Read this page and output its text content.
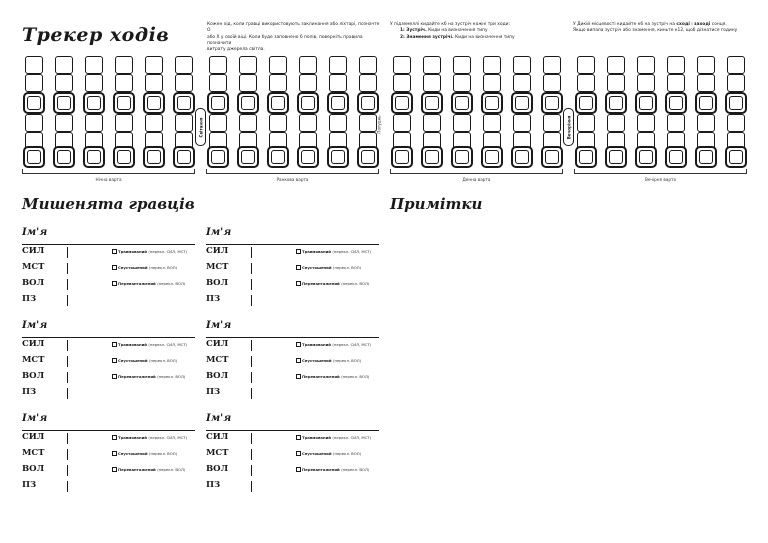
Трекер ходів	Кожен хід, коли гравці використовують заклинання або ліхтарі, позначте О
або Х у своїй віці. Коли буде заповнено 6 полів, поверніть правила позначити
витрату джерела світла.
У підземеллі кидайте к6 на зустріч кожні три ходи:
1: Зустріч. Киди на визначення типу
2: Знамення зустрічі. Киди на визначення типу
У Дикій місцевості кидайте к6 на зустріч на сході і заході сонця.
Якщо випала зустріч або знамення, киньте к12, щоб дізнатися годину
Нічна варта	Ранкова варта	Денна варта	Вечірня варта
Світання	Вечоріння
Полуднь
Мишенята гравців	Примітки
Ім'я
СИЛ	Травмований (перекл. СИЛ, МСТ)
МСТ	Спустошений (перекл. ВОЛ)
ВОЛ	Перевантажений (перекл. ВОЛ)
ПЗ
Ім'я
СИЛ	Травмований (перекл. СИЛ, МСТ)
МСТ	Спустошений (перекл. ВОЛ)
ВОЛ	Перевантажений (перекл. ВОЛ)
ПЗ
Ім'я
СИЛ	Травмований (перекл. СИЛ, МСТ)
МСТ	Спустошений (перекл. ВОЛ)
ВОЛ	Перевантажений (перекл. ВОЛ)
ПЗ
Ім'я
СИЛ	Травмований (перекл. СИЛ, МСТ)
МСТ	Спустошений (перекл. ВОЛ)
ВОЛ	Перевантажений (перекл. ВОЛ)
ПЗ
Ім'я
СИЛ	Травмований (перекл. СИЛ, МСТ)
МСТ	Спустошений (перекл. ВОЛ)
ВОЛ	Перевантажений (перекл. ВОЛ)
ПЗ
Ім'я
СИЛ	Травмований (перекл. СИЛ, МСТ)
МСТ	Спустошений (перекл. ВОЛ)
ВОЛ	Перевантажений (перекл. ВОЛ)
ПЗ
